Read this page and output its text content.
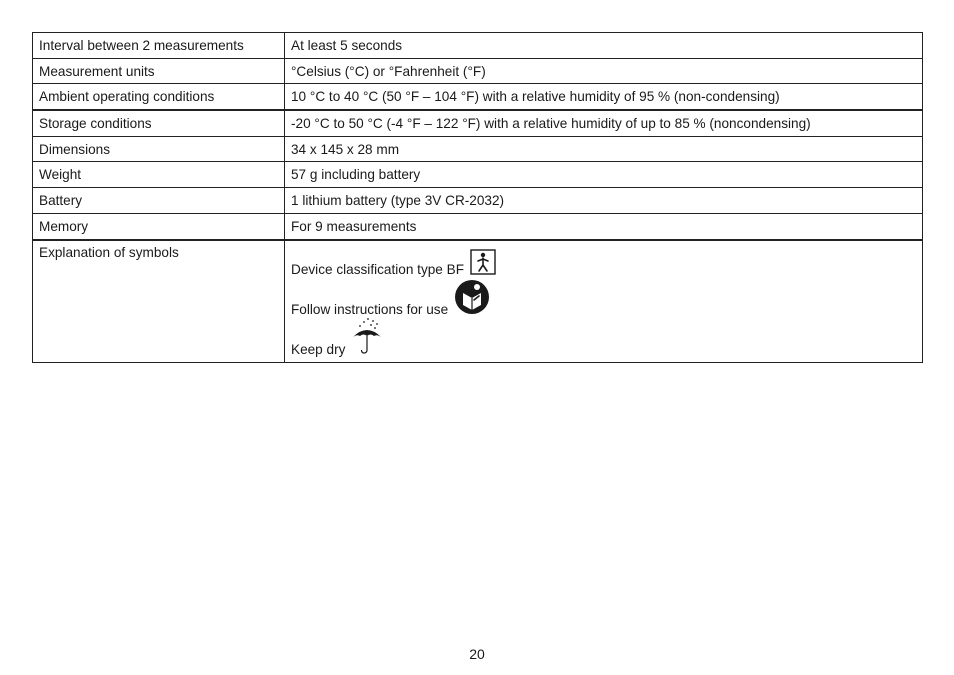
Interval between 2 measurements	At least 5 seconds
Measurement units	°Celsius (°C) or °Fahrenheit (°F)
Ambient operating conditions	10 °C to 40 °C (50 °F – 104 °F) with a relative humidity of 95 % (non-condensing)
Storage conditions	-20 °C to 50 °C (-4 °F – 122 °F) with a relative humidity of up to 85 % (noncondensing)
Dimensions	34 x 145 x 28 mm
Weight	57 g including battery
Battery	1 lithium battery (type 3V CR-2032)
Memory	For 9 measurements
Explanation of symbols	Device classification type BF
Follow instructions for use
Keep dry
20
